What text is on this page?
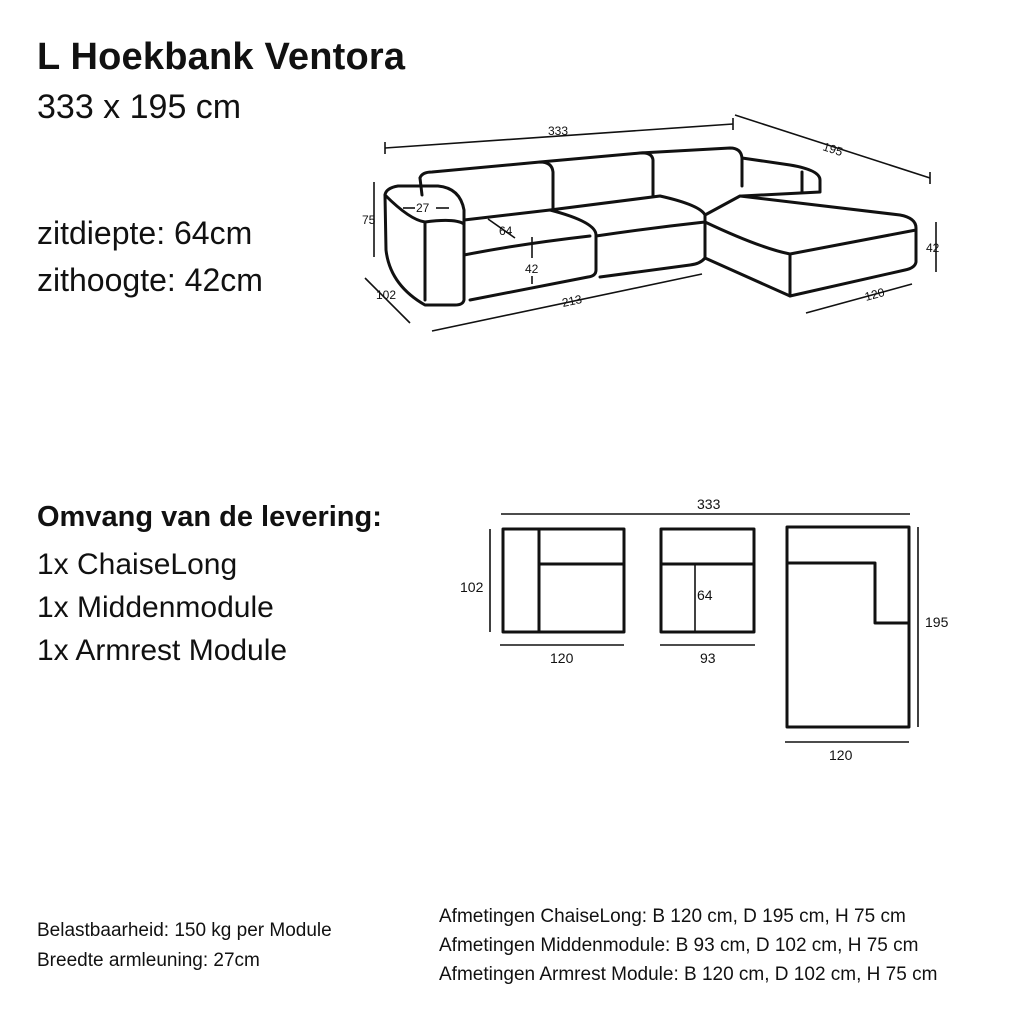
L Hoekbank Ventora
333 x 195 cm
zitdiepte: 64cm
zithoogte: 42cm
333
195
75
102	213	120
42
27
64
42
Omvang van de levering:
1x ChaiseLong
1x Middenmodule
1x Armrest Module
333
102
120
64
93
195
120
Belastbaarheid: 150 kg per Module
Breedte armleuning: 27cm
Afmetingen ChaiseLong: B 120 cm, D 195 cm, H 75 cm
Afmetingen Middenmodule: B 93 cm, D 102 cm, H 75 cm
Afmetingen Armrest Module: B 120 cm, D 102 cm, H 75 cm
